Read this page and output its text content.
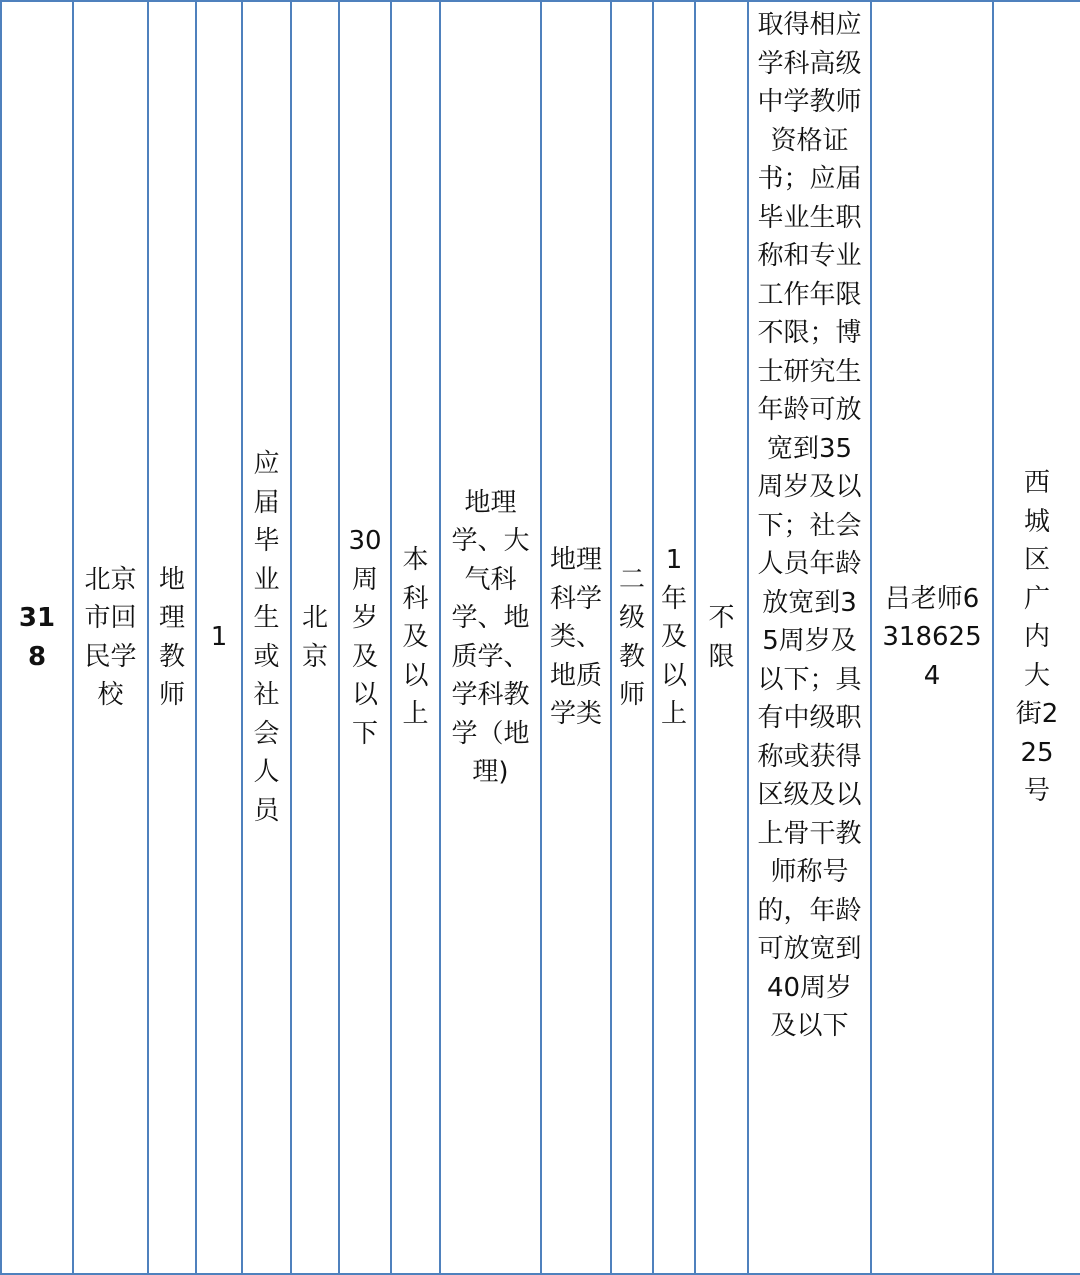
318	北京市回民学校	地理教师	1	应届毕业生或社会人员	北京	30周岁及以下	本科及以上	地理学、大气科学、地质学、学科教学（地理)	地理科学类、地质学类	二级教师	1年及以上	不限	取得相应学科高级中学教师资格证书；应届毕业生职称和专业工作年限不限；博士研究生年龄可放宽到35周岁及以下；社会人员年龄放宽到35周岁及以下；具有中级职称或获得区级及以上骨干教师称号的，年龄可放宽到40周岁及以下	吕老师63186254	西城区广内大街225号
